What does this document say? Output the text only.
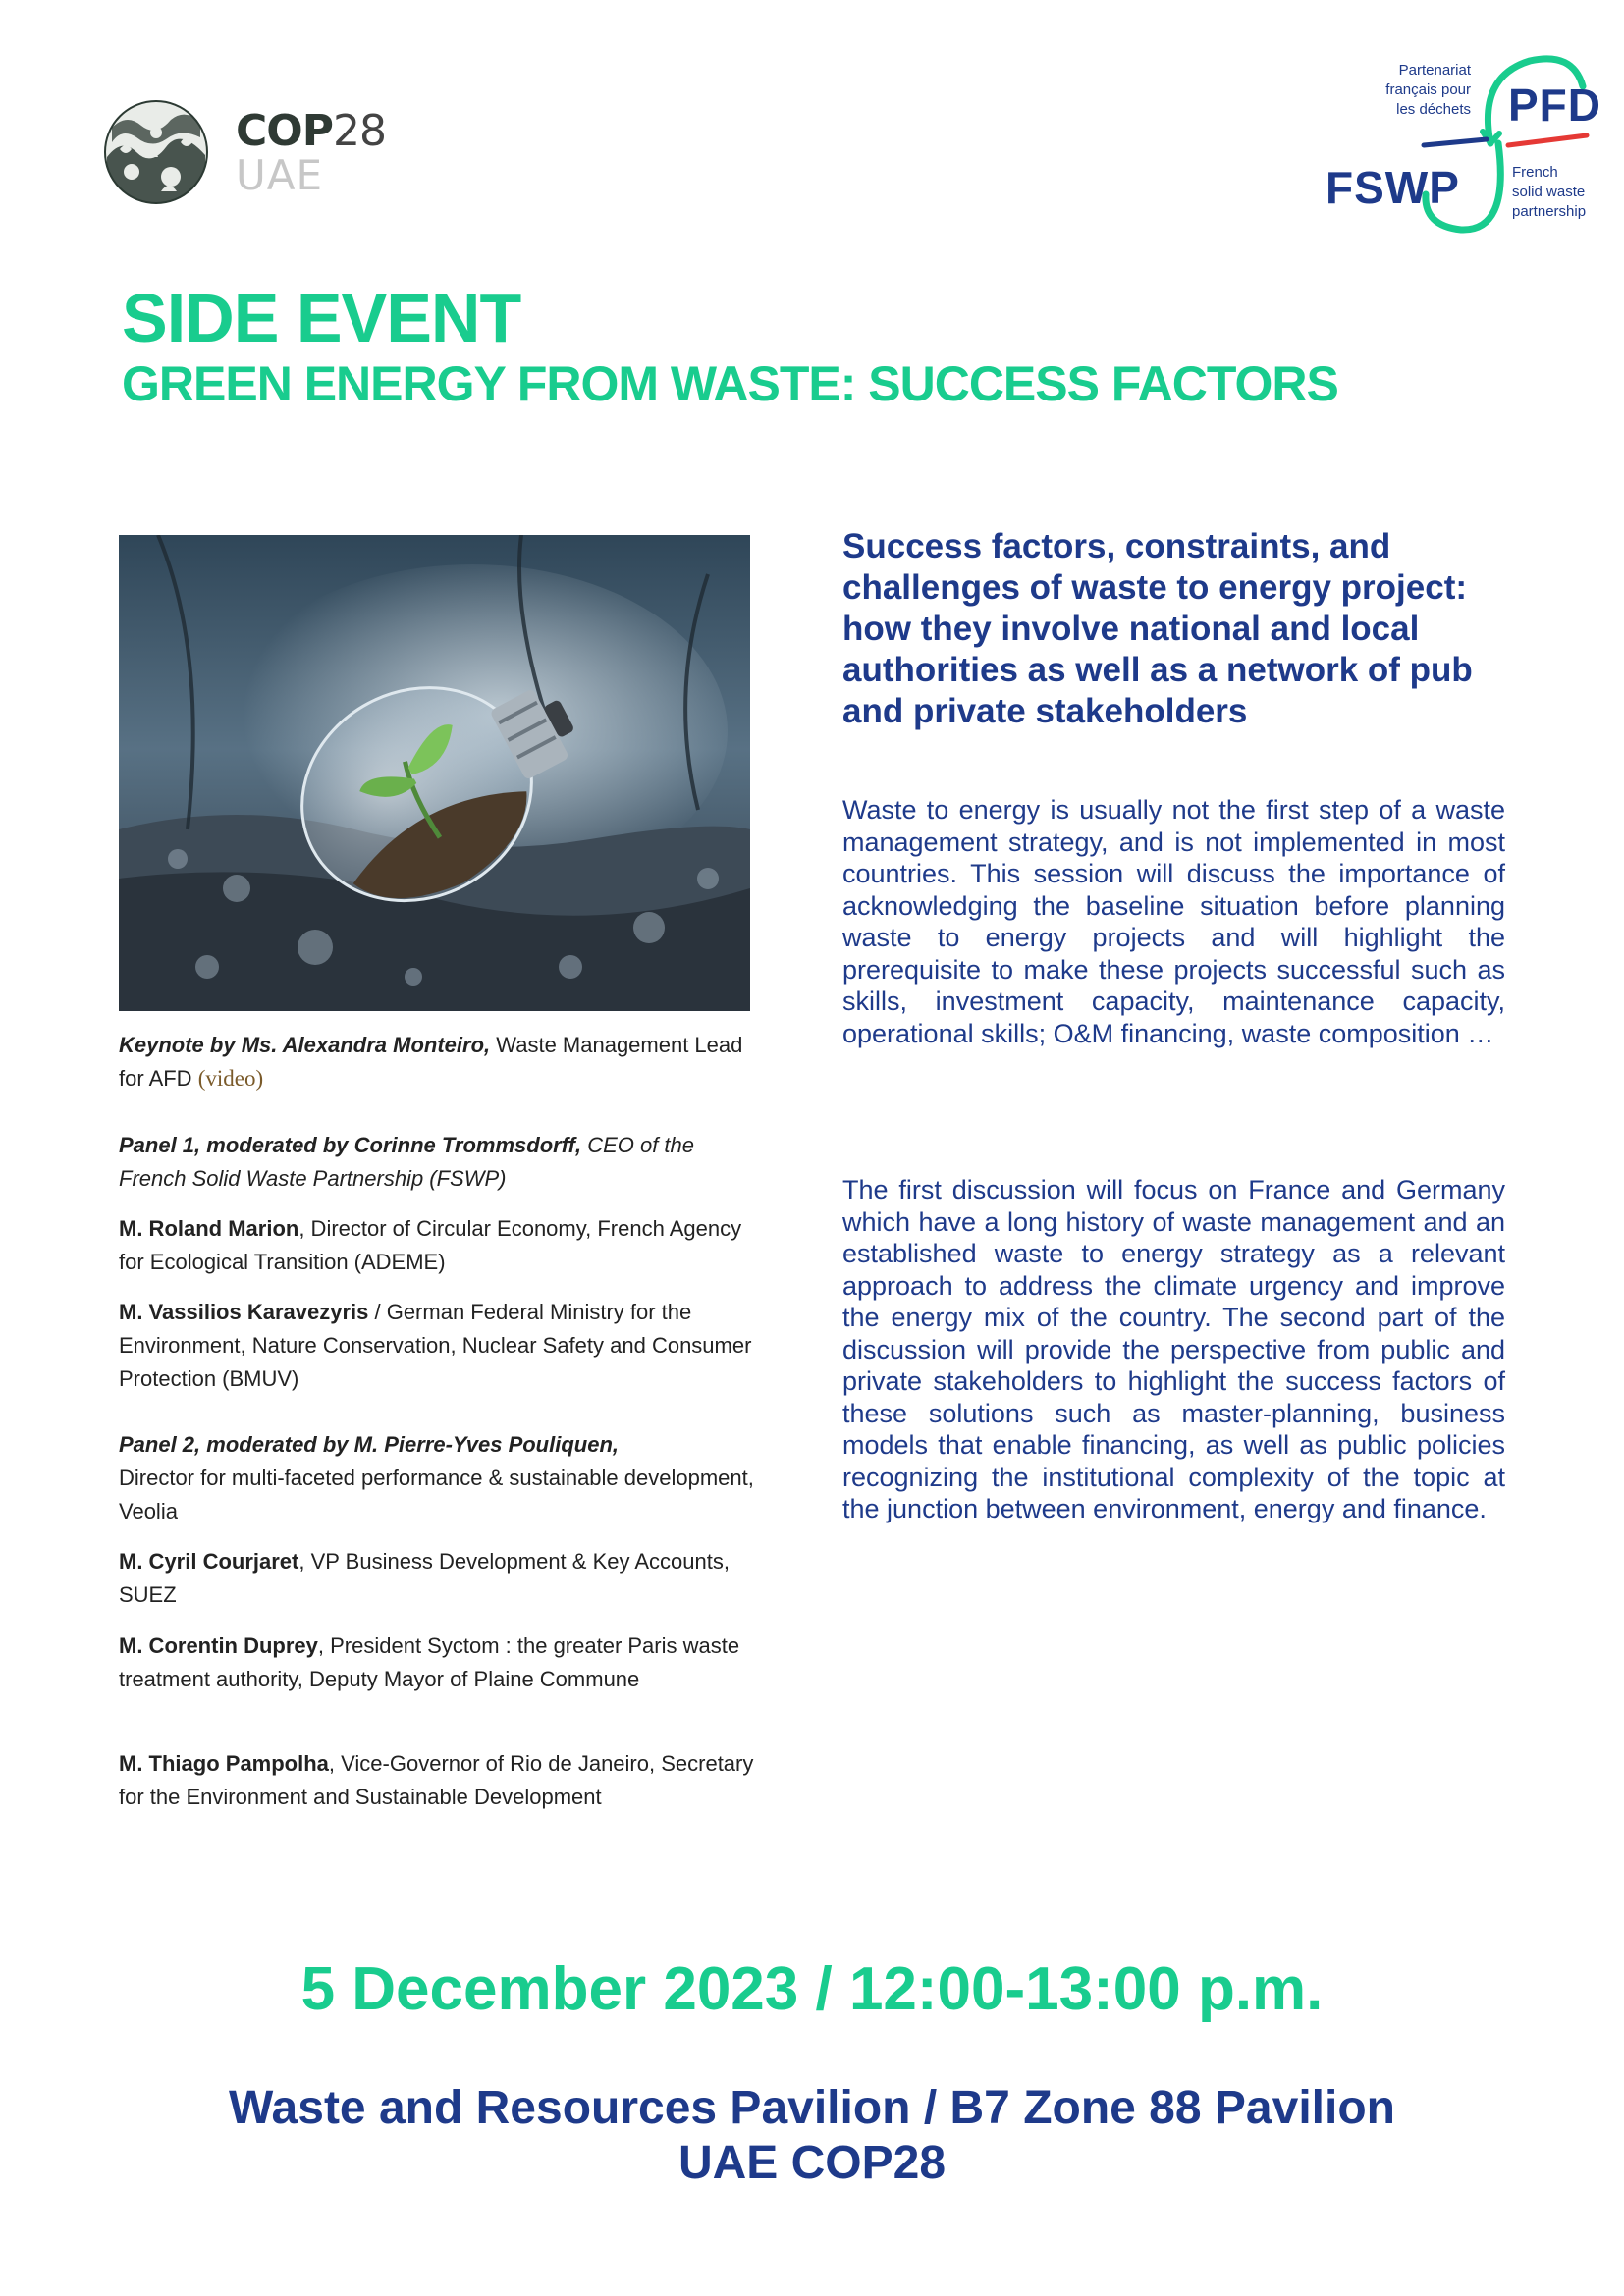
COP28
UAE
Partenariat
français pour
les déchets PFD
FSWP	French
solid waste
partnership
SIDE EVENT
GREEN ENERGY FROM WASTE: SUCCESS FACTORS
Keynote by Ms. Alexandra Monteiro, Waste Management Lead for AFD (video)
Panel 1, moderated by Corinne Trommsdorff, CEO of the French Solid Waste Partnership (FSWP)
M. Roland Marion, Director of Circular Economy, French Agency for Ecological Transition (ADEME)
M. Vassilios Karavezyris / German Federal Ministry for the Environment, Nature Conservation, Nuclear Safety and Consumer Protection (BMUV)
Panel 2, moderated by M. Pierre-Yves Pouliquen,
Director for multi-faceted performance & sustainable development, Veolia
M. Cyril Courjaret, VP Business Development & Key Accounts, SUEZ
M. Corentin Duprey, President Syctom : the greater Paris waste treatment authority, Deputy Mayor of Plaine Commune
M. Thiago Pampolha, Vice-Governor of Rio de Janeiro, Secretary for the Environment and Sustainable Development
Success factors, constraints, and
challenges of waste to energy project:
how they involve national and local
authorities as well as a network of pub
and private stakeholders
Waste to energy is usually not the first step of a waste management strategy, and is not implemented in most countries. This session will discuss the importance of acknowledging the baseline situation before planning waste to energy projects and will highlight the prerequisite to make these projects successful such as skills, investment capacity, maintenance capacity, operational skills; O&M financing, waste composition …
The first discussion will focus on France and Germany which have a long history of waste management and an established waste to energy strategy as a relevant approach to address the climate urgency and improve the energy mix of the country. The second part of the discussion will provide the perspective from public and private stakeholders to highlight the success factors of these solutions such as master-planning, business models that enable financing, as well as public policies recognizing the institutional complexity of the topic at the junction between environment, energy and finance.
5 December 2023 / 12:00-13:00 p.m.
Waste and Resources Pavilion / B7 Zone 88 Pavilion
UAE COP28
